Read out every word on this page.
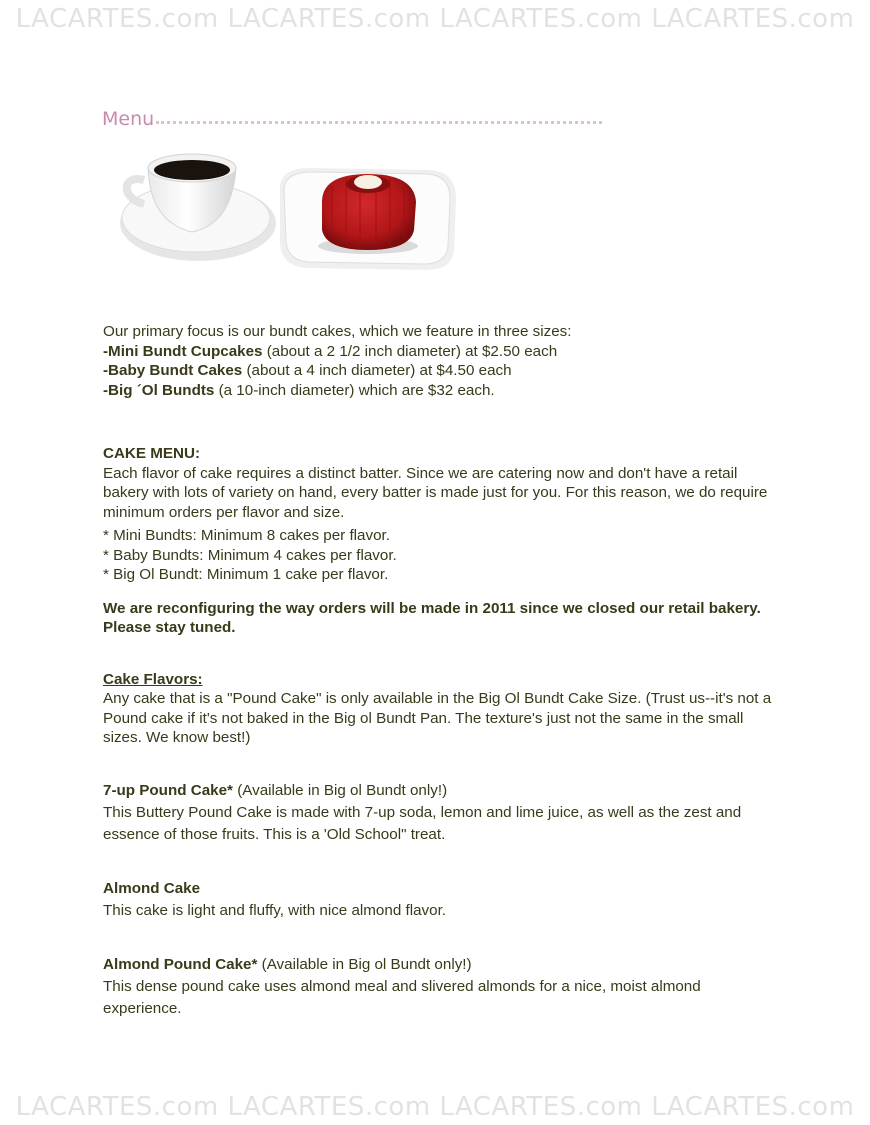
LACARTES.com LACARTES.com LACARTES.com LACARTES.com
Menu

Our primary focus is our bundt cakes, which we feature in three sizes:

-Mini Bundt Cupcakes (about a 2 1/2 inch diameter) at $2.50 each

-Baby Bundt Cakes (about a 4 inch diameter) at $4.50 each

-Big ´Ol Bundts (a 10-inch diameter) which are $32 each.

CAKE MENU:

Each flavor of cake requires a distinct batter. Since we are catering now and don't have a retail bakery with lots of variety on hand, every batter is made just for you. For this reason, we do require minimum orders per flavor and size.

* Mini Bundts: Minimum 8 cakes per flavor.

* Baby Bundts: Minimum 4 cakes per flavor.

* Big Ol Bundt: Minimum 1 cake per flavor.

We are reconfiguring the way orders will be made in 2011 since we closed our retail bakery. Please stay tuned.

Cake Flavors:

Any cake that is a "Pound Cake" is only available in the Big Ol Bundt Cake Size. (Trust us--it's not a Pound cake if it's not baked in the Big ol Bundt Pan. The texture's just not the same in the small sizes. We know best!)

7-up Pound Cake* (Available in Big ol Bundt only!)

This Buttery Pound Cake is made with 7-up soda, lemon and lime juice, as well as the zest and essence of those fruits. This is a 'Old School" treat.

Almond Cake

This cake is light and fluffy, with nice almond flavor.

Almond Pound Cake* (Available in Big ol Bundt only!)

This dense pound cake uses almond meal and slivered almonds for a nice, moist almond experience.

LACARTES.com LACARTES.com LACARTES.com LACARTES.com
